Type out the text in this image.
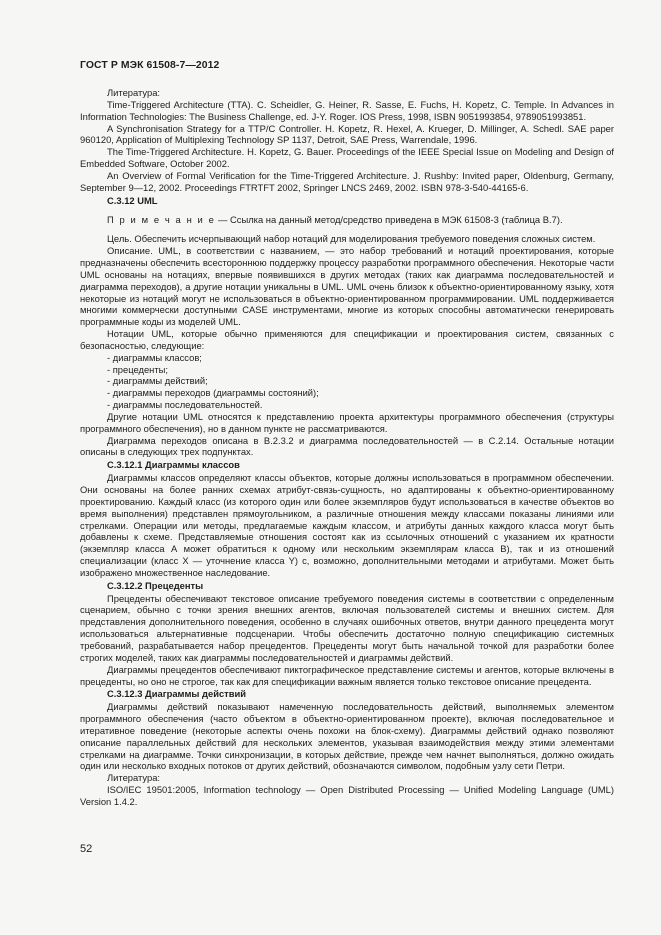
ГОСТ Р МЭК 61508-7—2012

Литература:

Time-Triggered Architecture (TTA). C. Scheidler, G. Heiner, R. Sasse, E. Fuchs, H. Kopetz, C. Temple. In Advances in Information Technologies: The Business Challenge, ed. J-Y. Roger. IOS Press, 1998, ISBN 9051993854, 9789051993851.

A Synchronisation Strategy for a TTP/C Controller. H. Kopetz, R. Hexel, A. Krueger, D. Millinger, A. Schedl. SAE paper 960120, Application of Multiplexing Technology SP 1137, Detroit, SAE Press, Warrendale, 1996.

The Time-Triggered Architecture. H. Kopetz, G. Bauer. Proceedings of the IEEE Special Issue on Modeling and Design of Embedded Software, October 2002.

An Overview of Formal Verification for the Time-Triggered Architecture. J. Rushby: Invited paper, Oldenburg, Germany, September 9—12, 2002. Proceedings FTRTFT 2002, Springer LNCS 2469, 2002. ISBN 978-3-540-44165-6.

C.3.12 UML

П р и м е ч а н и е — Ссылка на данный метод/средство приведена в МЭК 61508-3 (таблица В.7).

Цель. Обеспечить исчерпывающий набор нотаций для моделирования требуемого поведения сложных систем.

Описание. UML, в соответствии с названием, — это набор требований и нотаций проектирования, которые предназначены обеспечить всестороннюю поддержку процессу разработки программного обеспечения. Некоторые части UML основаны на нотациях, впервые появившихся в других методах (таких как диаграмма последовательностей и диаграмма переходов), а другие нотации уникальны в UML. UML очень близок к объектно-ориентированному языку, хотя некоторые из нотаций могут не использоваться в объектно-ориентированном программировании. UML поддерживается многими коммерчески доступными CASE инструментами, многие из которых способны автоматически генерировать программные коды из моделей UML.

Нотации UML, которые обычно применяются для спецификации и проектирования систем, связанных с безопасностью, следующие:

- диаграммы классов;
- прецеденты;
- диаграммы действий;
- диаграммы переходов (диаграммы состояний);
- диаграммы последовательностей.

Другие нотации UML относятся к представлению проекта архитектуры программного обеспечения (структуры программного обеспечения), но в данном пункте не рассматриваются.

Диаграмма переходов описана в В.2.3.2 и диаграмма последовательностей — в С.2.14. Остальные нотации описаны в следующих трех подпунктах.

С.3.12.1 Диаграммы классов

Диаграммы классов определяют классы объектов, которые должны использоваться в программном обеспечении. Они основаны на более ранних схемах атрибут-связь-сущность, но адаптированы к объектно-ориентированному проектированию. Каждый класс (из которого один или более экземпляров будут использоваться в качестве объектов во время выполнения) представлен прямоугольником, а различные отношения между классами показаны линиями или стрелками. Операции или методы, предлагаемые каждым классом, и атрибуты данных каждого класса могут быть добавлены к схеме. Представляемые отношения состоят как из ссылочных отношений с указанием их кратности (экземпляр класса А может обратиться к одному или нескольким экземплярам класса В), так и из отношений специализации (класс X — уточнение класса Y) с, возможно, дополнительными методами и атрибутами. Может быть изображено множественное наследование.

С.3.12.2 Прецеденты

Прецеденты обеспечивают текстовое описание требуемого поведения системы в соответствии с определенным сценарием, обычно с точки зрения внешних агентов, включая пользователей системы и внешних систем. Для представления дополнительного поведения, особенно в случаях ошибочных ответов, внутри данного прецедента могут использоваться альтернативные подсценарии. Чтобы обеспечить достаточно полную спецификацию системных требований, разрабатывается набор прецедентов. Прецеденты могут быть начальной точкой для разработки более строгих моделей, таких как диаграммы последовательностей и диаграммы действий.

Диаграммы прецедентов обеспечивают пиктографическое представление системы и агентов, которые включены в прецеденты, но оно не строгое, так как для спецификации важным является только текстовое описание прецедента.

С.3.12.3 Диаграммы действий

Диаграммы действий показывают намеченную последовательность действий, выполняемых элементом программного обеспечения (часто объектом в объектно-ориентированном проекте), включая последовательное и итеративное поведение (некоторые аспекты очень похожи на блок-схему). Диаграммы действий однако позволяют описание параллельных действий для нескольких элементов, указывая взаимодействия между этими элементами стрелками на диаграмме. Точки синхронизации, в которых действие, прежде чем начнет выполняться, должно ожидать один или несколько входных потоков от других действий, обозначаются символом, подобным узлу сети Петри.

Литература:

ISO/IEC 19501:2005, Information technology — Open Distributed Processing — Unified Modeling Language (UML) Version 1.4.2.

52
